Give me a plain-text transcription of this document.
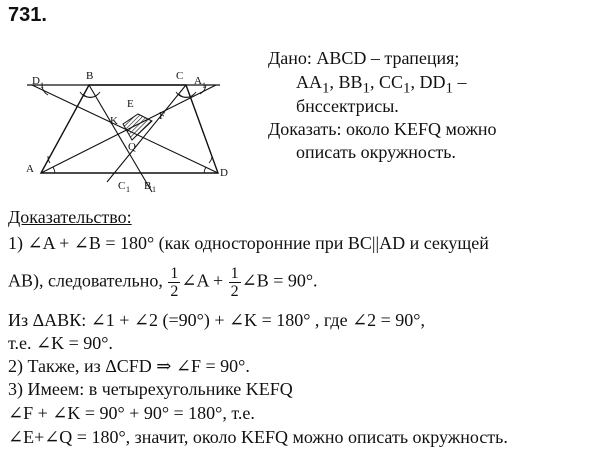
731.
B	C
D 1	A 1
E
K	F
Q
A	D
C 1 B 1
Дано: ABCD – трапеция;
$AA_1$, $BB_1$, $CC_1$, $DD_1$ –
бнссектрисы.
Доказать: около KEFQ можно
описать окружность.
Доказательство:
1) ∠A + ∠B = 180° (как односторонние при BC||AD и секущей
AB), следовательно, $\frac{1}{2}$ ∠A + $\frac{1}{2}$ ∠B = 90°.
Из ΔАВК: ∠1 + ∠2 (=90°) + ∠K = 180° , где ∠2 = 90°,
т.е. ∠K = 90°.
2) Также, из ΔCFD ⇒ ∠F = 90°.
3) Имеем: в четырехугольнике KEFQ
∠F + ∠K = 90° + 90° = 180°, т.е.
∠E+∠Q = 180°, значит, около KEFQ можно описать окружность.
